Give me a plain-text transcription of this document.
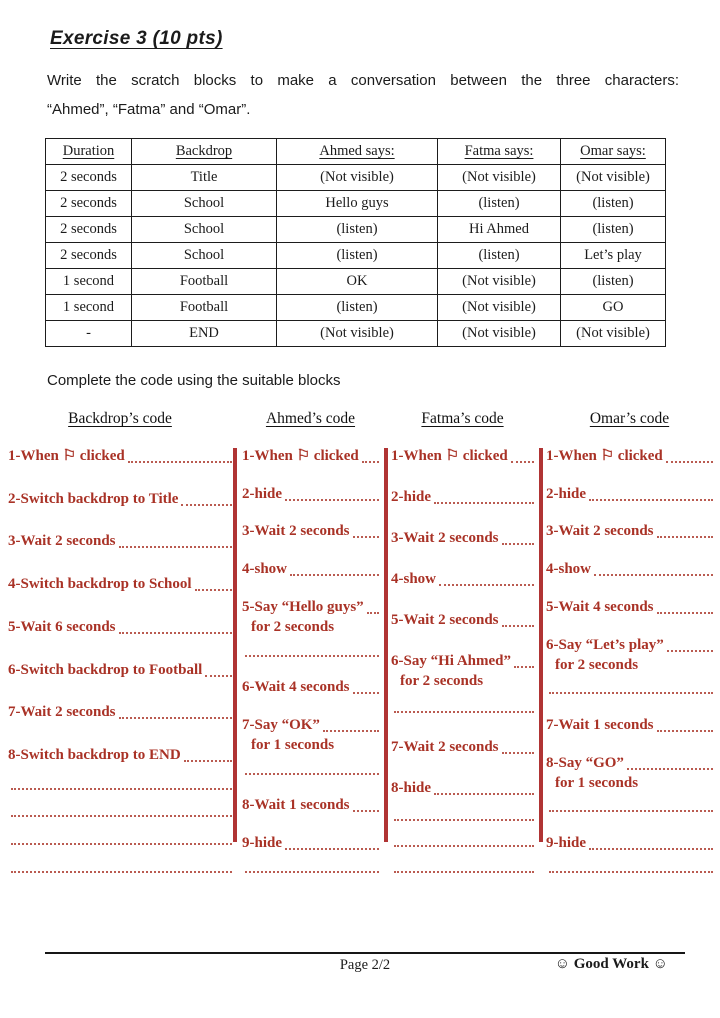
Exercise 3 (10 pts)
Write the scratch blocks to make a conversation between the three characters:
“Ahmed”, “Fatma” and “Omar”.
Duration	Backdrop	Ahmed says:	Fatma says:	Omar says:
2 seconds	Title	(Not visible)	(Not visible)	(Not visible)
2 seconds	School	Hello guys	(listen)	(listen)
2 seconds	School	(listen)	Hi Ahmed	(listen)
2 seconds	School	(listen)	(listen)	Let’s play
1 second	Football	OK	(Not visible)	(listen)
1 second	Football	(listen)	(Not visible)	GO
-	END	(Not visible)	(Not visible)	(Not visible)
Complete the code using the suitable blocks
Backdrop’s code
1-When ⚐ clicked
2-Switch backdrop to Title
3-Wait 2 seconds
4-Switch backdrop to School
5-Wait 6 seconds
6-Switch backdrop to Football
7-Wait 2 seconds
8-Switch backdrop to END
Ahmed’s code
1-When ⚐ clicked
2-hide
3-Wait 2 seconds
4-show
5-Say “Hello guys”
for 2 seconds
6-Wait 4 seconds
7-Say “OK”
for 1 seconds
8-Wait 1 seconds
9-hide
Fatma’s code
1-When ⚐ clicked
2-hide
3-Wait 2 seconds
4-show
5-Wait 2 seconds
6-Say “Hi Ahmed”
for 2 seconds
7-Wait 2 seconds
8-hide
Omar’s code
1-When ⚐ clicked
2-hide
3-Wait 2 seconds
4-show
5-Wait 4 seconds
6-Say “Let’s play”
for 2 seconds
7-Wait 1 seconds
8-Say “GO”
for 1 seconds
9-hide
Page 2/2	☺ Good Work ☺
